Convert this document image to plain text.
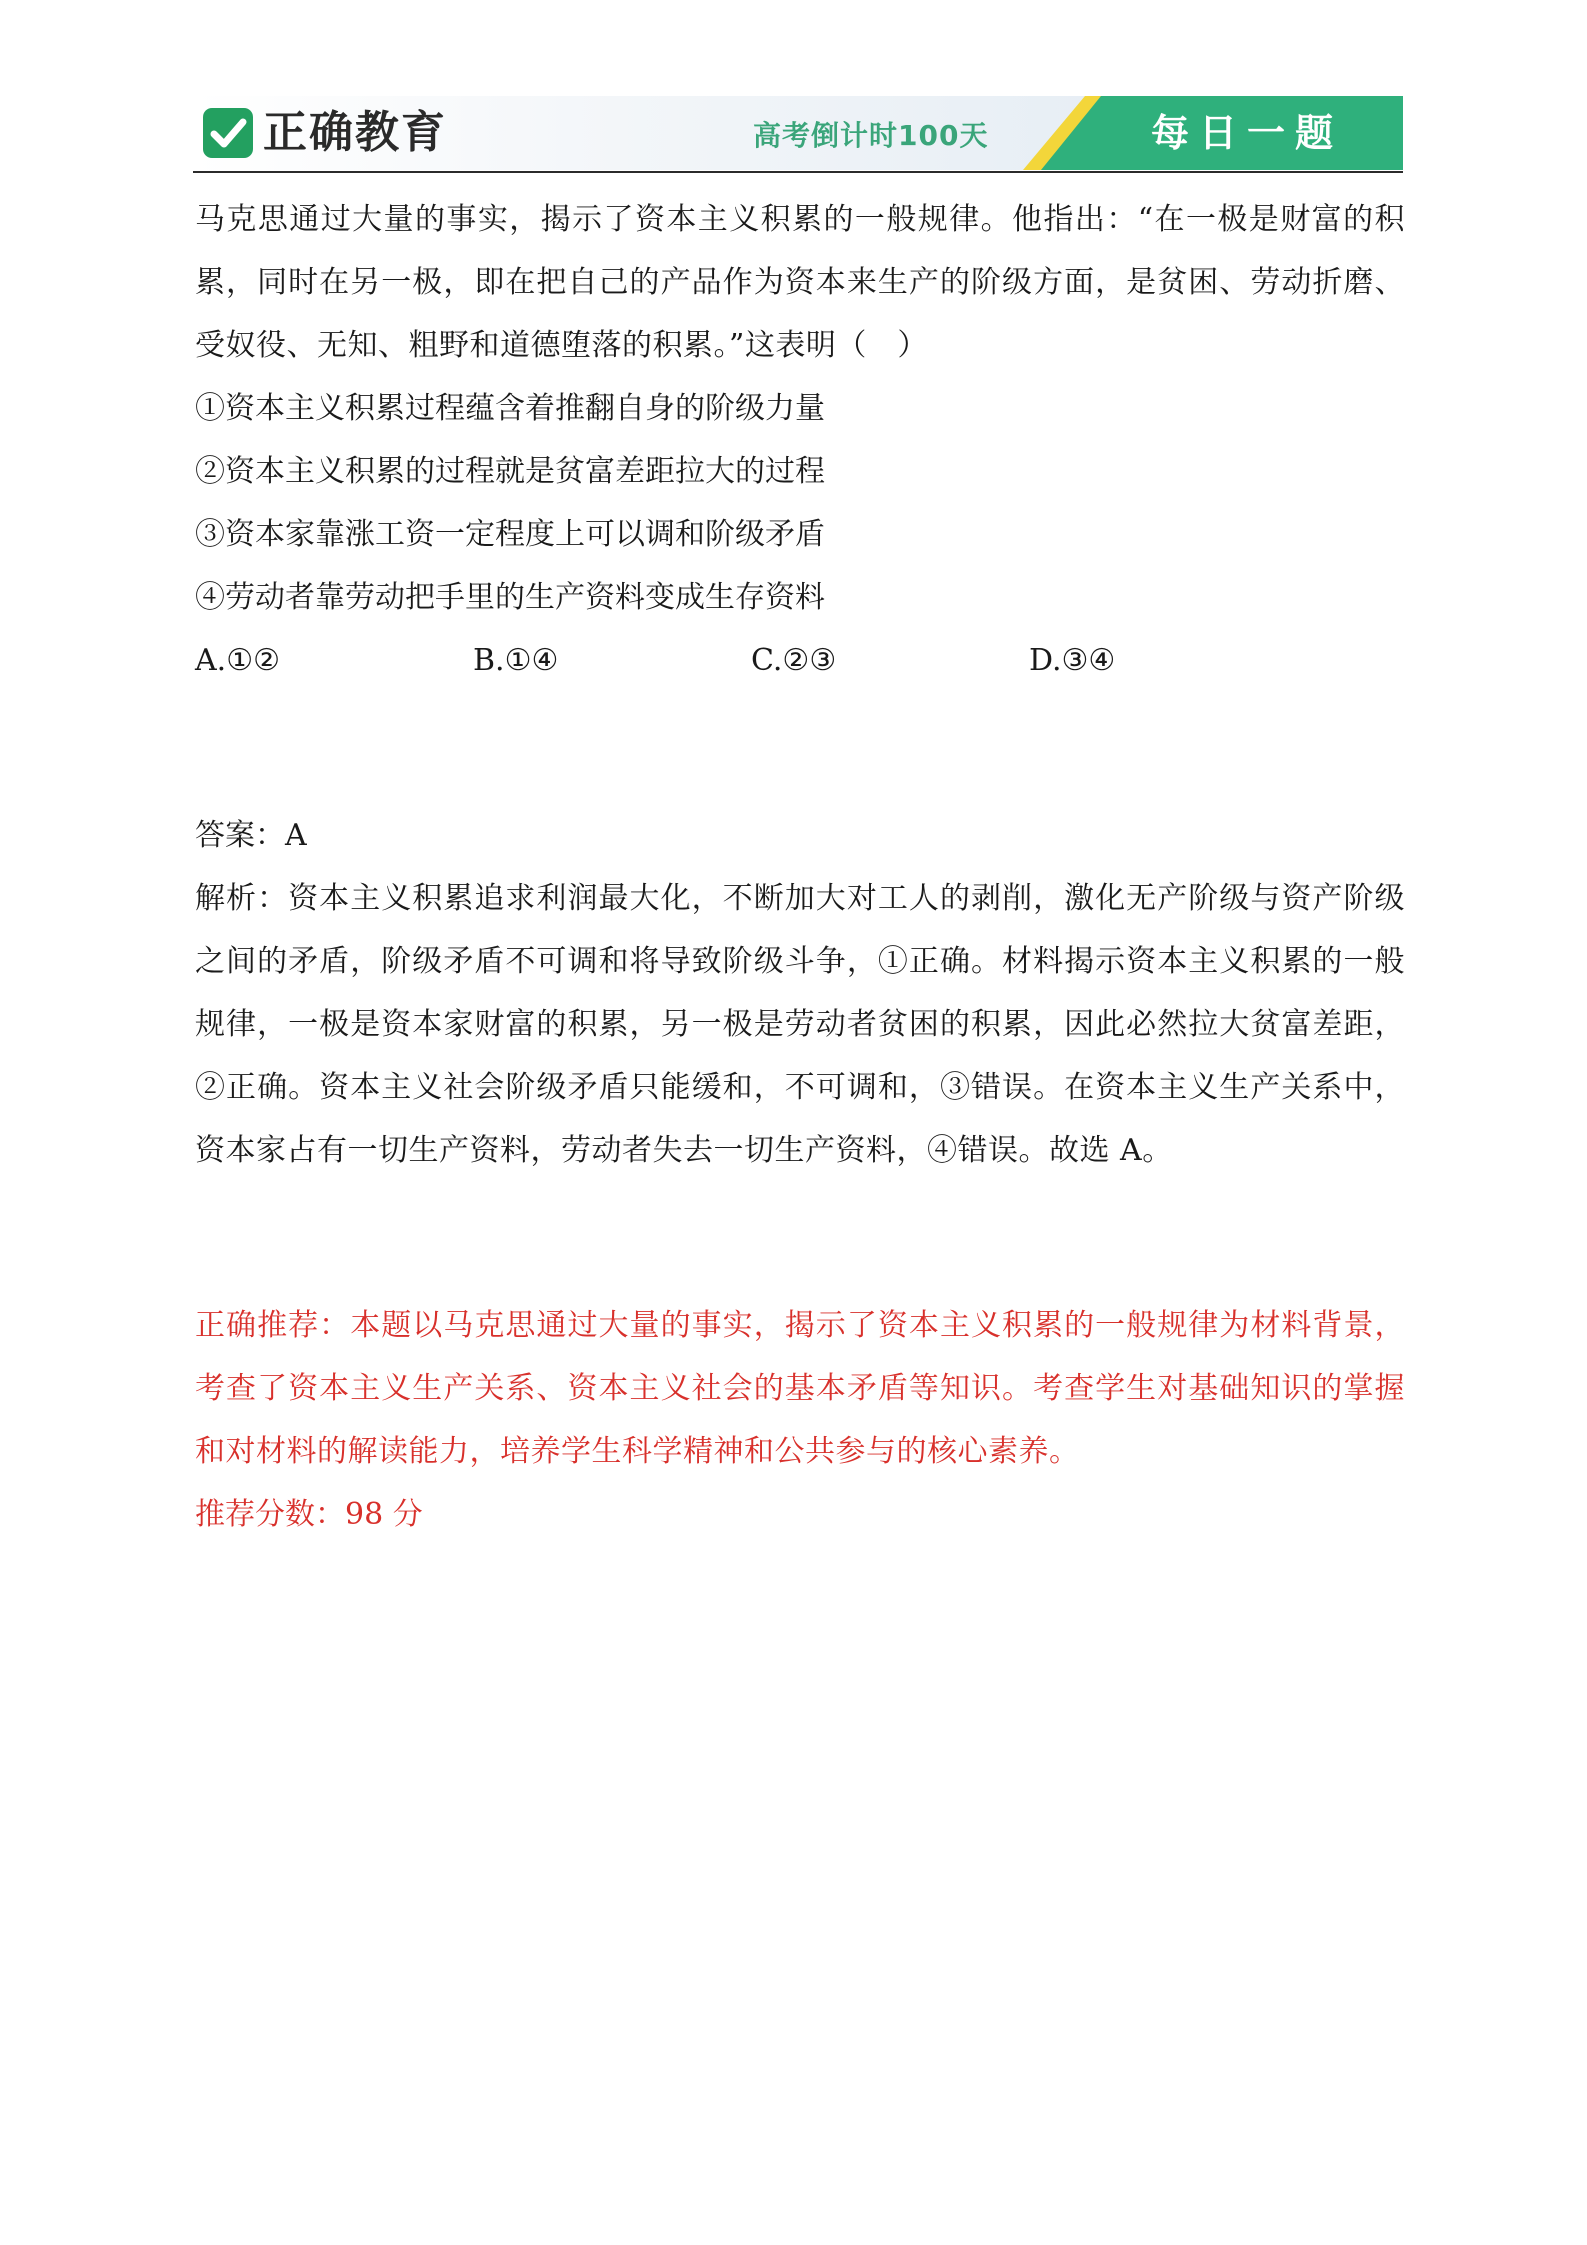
正确教育	高考倒计时100天	每日一题

马克思通过大量的事实，揭示了资本主义积累的一般规律。他指出：“在一极是财富的积累，同时在另一极，即在把自己的产品作为资本来生产的阶级方面，是贫困、劳动折磨、受奴役、无知、粗野和道德堕落的积累。”这表明（　）

①资本主义积累过程蕴含着推翻自身的阶级力量

②资本主义积累的过程就是贫富差距拉大的过程

③资本家靠涨工资一定程度上可以调和阶级矛盾

④劳动者靠劳动把手里的生产资料变成生存资料

A.①②	B.①④	C.②③	D.③④

答案：A

解析：资本主义积累追求利润最大化，不断加大对工人的剥削，激化无产阶级与资产阶级之间的矛盾，阶级矛盾不可调和将导致阶级斗争，①正确。材料揭示资本主义积累的一般规律，一极是资本家财富的积累，另一极是劳动者贫困的积累，因此必然拉大贫富差距，②正确。资本主义社会阶级矛盾只能缓和，不可调和，③错误。在资本主义生产关系中，资本家占有一切生产资料，劳动者失去一切生产资料，④错误。故选 A。

正确推荐：本题以马克思通过大量的事实，揭示了资本主义积累的一般规律为材料背景，考查了资本主义生产关系、资本主义社会的基本矛盾等知识。考查学生对基础知识的掌握和对材料的解读能力，培养学生科学精神和公共参与的核心素养。

推荐分数：98 分
